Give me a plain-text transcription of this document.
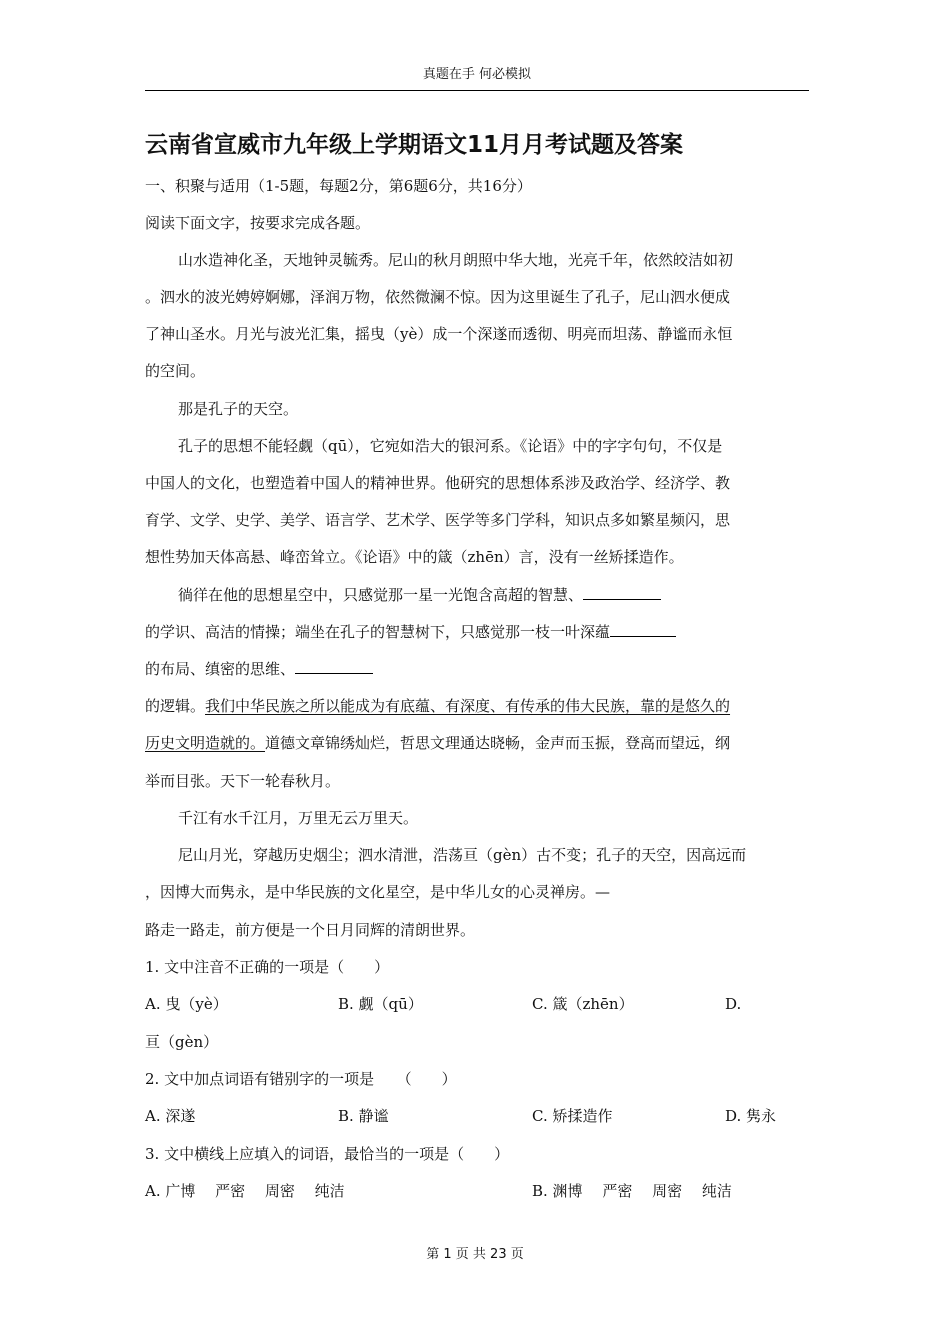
真题在手 何必模拟
云南省宣威市九年级上学期语文11月月考试题及答案
一、积聚与适用（1-5题，每题2分，第6题6分，共16分）
阅读下面文字，按要求完成各题。
山水造神化圣，天地钟灵毓秀。尼山的秋月朗照中华大地，光亮千年，依然皎洁如初
。泗水的波光娉婷婀娜，泽润万物，依然微澜不惊。因为这里诞生了孔子，尼山泗水便成
了神山圣水。月光与波光汇集，摇曳（yè）成一个深遂而透彻、明亮而坦荡、静谧而永恒
的空间。
那是孔子的天空。
孔子的思想不能轻觑（qū），它宛如浩大的银河系。《论语》中的字字句句，不仅是
中国人的文化，也塑造着中国人的精神世界。他研究的思想体系涉及政治学、经济学、教
育学、文学、史学、美学、语言学、艺术学、医学等多门学科，知识点多如繁星频闪，思
想性势加天体高悬、峰峦耸立。《论语》中的箴（zhēn）言，没有一丝矫揉造作。
徜徉在他的思想星空中，只感觉那一星一光饱含高超的智慧、
的学识、高洁的情操；端坐在孔子的智慧树下，只感觉那一枝一叶深蕴
的布局、缜密的思维、
的逻辑。我们中华民族之所以能成为有底蕴、有深度、有传承的伟大民族，靠的是悠久的
历史文明造就的。道德文章锦绣灿烂，哲思文理通达晓畅，金声而玉振，登高而望远，纲
举而目张。天下一轮春秋月。
千江有水千江月，万里无云万里天。
尼山月光，穿越历史烟尘；泗水清泄，浩荡亘（gèn）古不变；孔子的天空，因高远而
，因博大而隽永，是中华民族的文化星空，是中华儿女的心灵禅房。—
路走一路走，前方便是一个日月同辉的清朗世界。
1. 文中注音不正确的一项是（　　）
A. 曳（yè）	B. 觑（qū）	C. 箴（zhēn）	D.
亘（gèn）
2. 文中加点词语有错别字的一项是　　（　　）
A. 深遂	B. 静谧	C. 矫揉造作	D. 隽永
3. 文中横线上应填入的词语，最恰当的一项是（　　）
A. 广博　 严密　 周密　 纯洁	B. 渊博　 严密　 周密　 纯洁
第 1 页 共 23 页
